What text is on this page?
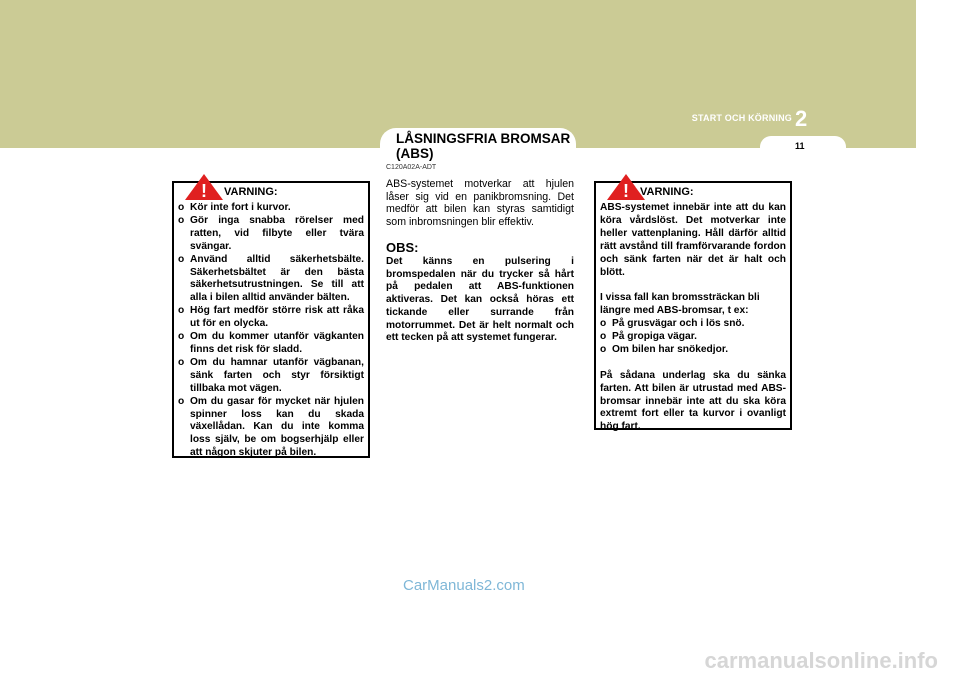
START OCH KÖRNING 2
11
LÅSNINGSFRIA BROMSAR (ABS)
C120A02A-ADT
! VARNING:
o Kör inte fort i kurvor.
o Gör inga snabba rörelser med ratten, vid filbyte eller tvära svängar.
o Använd alltid säkerhetsbälte. Säkerhetsbältet är den bästa säkerhetsutrustningen. Se till att alla i bilen alltid använder bälten.
o Hög fart medför större risk att råka ut för en olycka.
o Om du kommer utanför vägkanten finns det risk för sladd.
o Om du hamnar utanför vägbanan, sänk farten och styr försiktigt tillbaka mot vägen.
o Om du gasar för mycket när hjulen spinner loss kan du skada växellådan. Kan du inte komma loss själv, be om bogserhjälp eller att någon skjuter på bilen.
ABS-systemet motverkar att hjulen låser sig vid en panikbromsning. Det medför att bilen kan styras samtidigt som inbromsningen blir effektiv.
OBS:
Det känns en pulsering i bromspedalen när du trycker så hårt på pedalen att ABS-funktionen aktiveras. Det kan också höras ett tickande eller surrande från motorrummet. Det är helt normalt och ett tecken på att systemet fungerar.
! VARNING:
ABS-systemet innebär inte att du kan köra vårdslöst. Det motverkar inte heller vattenplaning. Håll därför alltid rätt avstånd till framförvarande fordon och sänk farten när det är halt och blött.
I vissa fall kan bromssträckan bli längre med ABS-bromsar, t ex:
o På grusvägar och i lös snö.
o På gropiga vägar.
o Om bilen har snökedjor.
På sådana underlag ska du sänka farten. Att bilen är utrustad med ABS-bromsar innebär inte att du ska köra extremt fort eller ta kurvor i ovanligt hög fart.
CarManuals2.com
carmanualsonline.info
